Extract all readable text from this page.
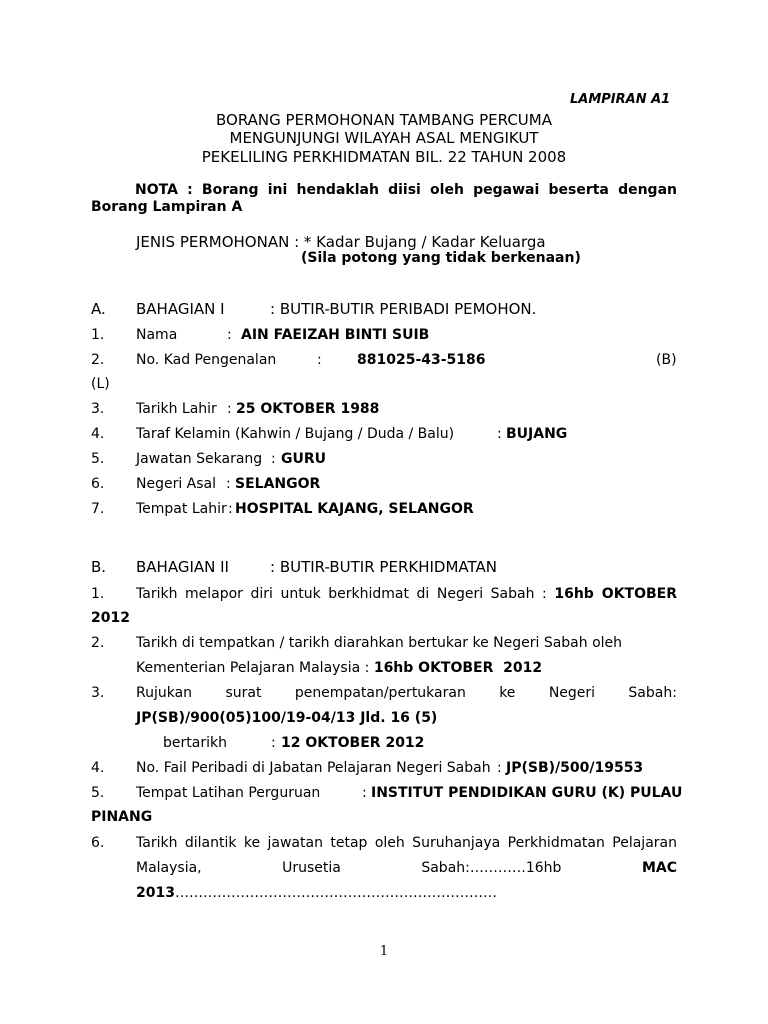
LAMPIRAN A1
BORANG PERMOHONAN TAMBANG PERCUMA
MENGUNJUNGI WILAYAH ASAL MENGIKUT
PEKELILING PERKHIDMATAN BIL. 22 TAHUN 2008
NOTA : Borang ini hendaklah diisi oleh pegawai beserta dengan
Borang Lampiran A
JENIS PERMOHONAN : * Kadar Bujang / Kadar Keluarga
(Sila potong yang tidak berkenaan)
A. BAHAGIAN I	: BUTIR-BUTIR PERIBADI PEMOHON.
1. Nama	: AIN FAEIZAH BINTI SUIB
2. No. Kad Pengenalan	:	881025-43-5186	(B)
(L)
3. Tarikh Lahir : 25 OKTOBER 1988
4. Taraf Kelamin (Kahwin / Bujang / Duda / Balu)	: BUJANG
5. Jawatan Sekarang : GURU
6. Negeri Asal : SELANGOR
7. Tempat Lahir : HOSPITAL KAJANG, SELANGOR
B. BAHAGIAN II	: BUTIR-BUTIR PERKHIDMATAN
1. Tarikh melapor diri untuk berkhidmat di Negeri Sabah : 16hb OKTOBER
2012
2. Tarikh di tempatkan / tarikh diarahkan bertukar ke Negeri Sabah oleh
Kementerian Pelajaran Malaysia : 16hb OKTOBER  2012
3. Rujukan surat penempatan/pertukaran ke Negeri Sabah:
JP(SB)/900(05)100/19-04/13 Jld. 16 (5)
bertarikh	: 12 OKTOBER 2012
4. No. Fail Peribadi di Jabatan Pelajaran Negeri Sabah : JP(SB)/500/19553
5. Tempat Latihan Perguruan	: INSTITUT PENDIDIKAN GURU (K) PULAU
PINANG
6. Tarikh dilantik ke jawatan tetap oleh Suruhanjaya Perkhidmatan Pelajaran
Malaysia,	Urusetia	Sabah:…………16hb	MAC
2013……………………………………………………………
1
